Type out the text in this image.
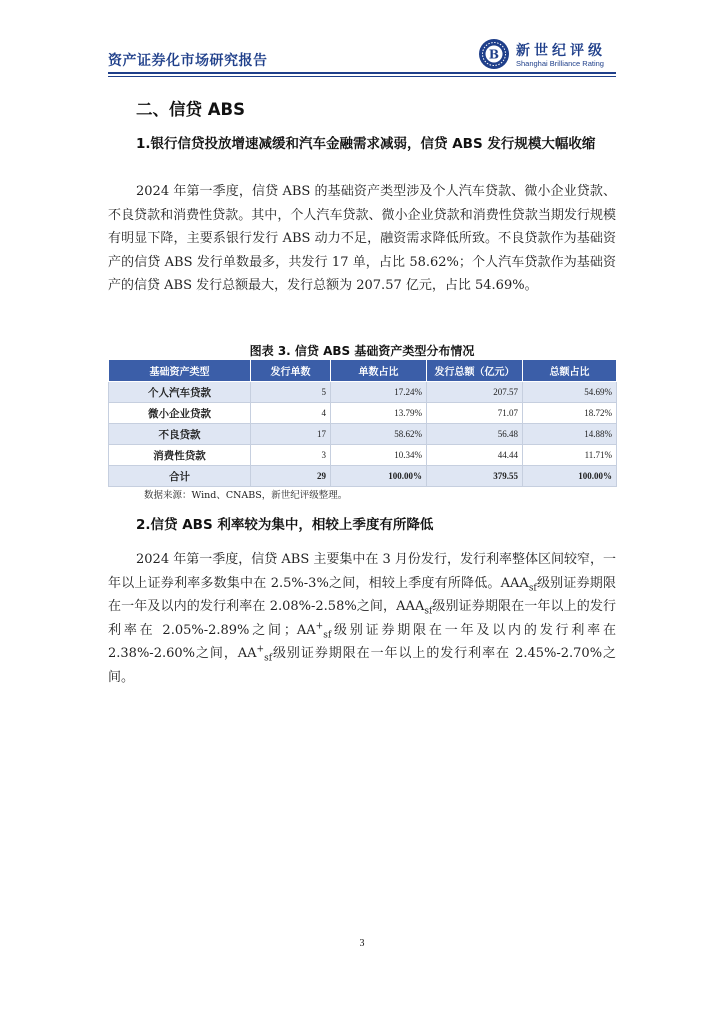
资产证券化市场研究报告	B 新世纪评级
Shanghai Brilliance Rating
二、信贷 ABS
1.银行信贷投放增速减缓和汽车金融需求减弱，信贷 ABS 发行规模大幅收缩
2024 年第一季度，信贷 ABS 的基础资产类型涉及个人汽车贷款、微小企业贷款、不良贷款和消费性贷款。其中，个人汽车贷款、微小企业贷款和消费性贷款当期发行规模有明显下降，主要系银行发行 ABS 动力不足，融资需求降低所致。不良贷款作为基础资产的信贷 ABS 发行单数最多，共发行 17 单，占比 58.62%；个人汽车贷款作为基础资产的信贷 ABS 发行总额最大，发行总额为 207.57 亿元，占比 54.69%。
图表 3. 信贷 ABS 基础资产类型分布情况
基础资产类型	发行单数	单数占比	发行总额（亿元）	总额占比
个人汽车贷款	5	17.24%	207.57	54.69%
微小企业贷款	4	13.79%	71.07	18.72%
不良贷款	17	58.62%	56.48	14.88%
消费性贷款	3	10.34%	44.44	11.71%
合计	29	100.00%	379.55	100.00%
数据来源：Wind、CNABS，新世纪评级整理。
2.信贷 ABS 利率较为集中，相较上季度有所降低
2024 年第一季度，信贷 ABS 主要集中在 3 月份发行，发行利率整体区间较窄，一年以上证券利率多数集中在 2.5%-3%之间，相较上季度有所降低。$AAA_{sf}$级别证券期限在一年及以内的发行利率在 2.08%-2.58%之间，$AAA_{sf}$级别证券期限在一年以上的发行利率在 2.05%-2.89%之间；$AA^+_{sf}$级别证券期限在一年及以内的发行利率在 2.38%-2.60%之间，$AA^+_{sf}$级别证券期限在一年以上的发行利率在 2.45%-2.70%之间。
3
